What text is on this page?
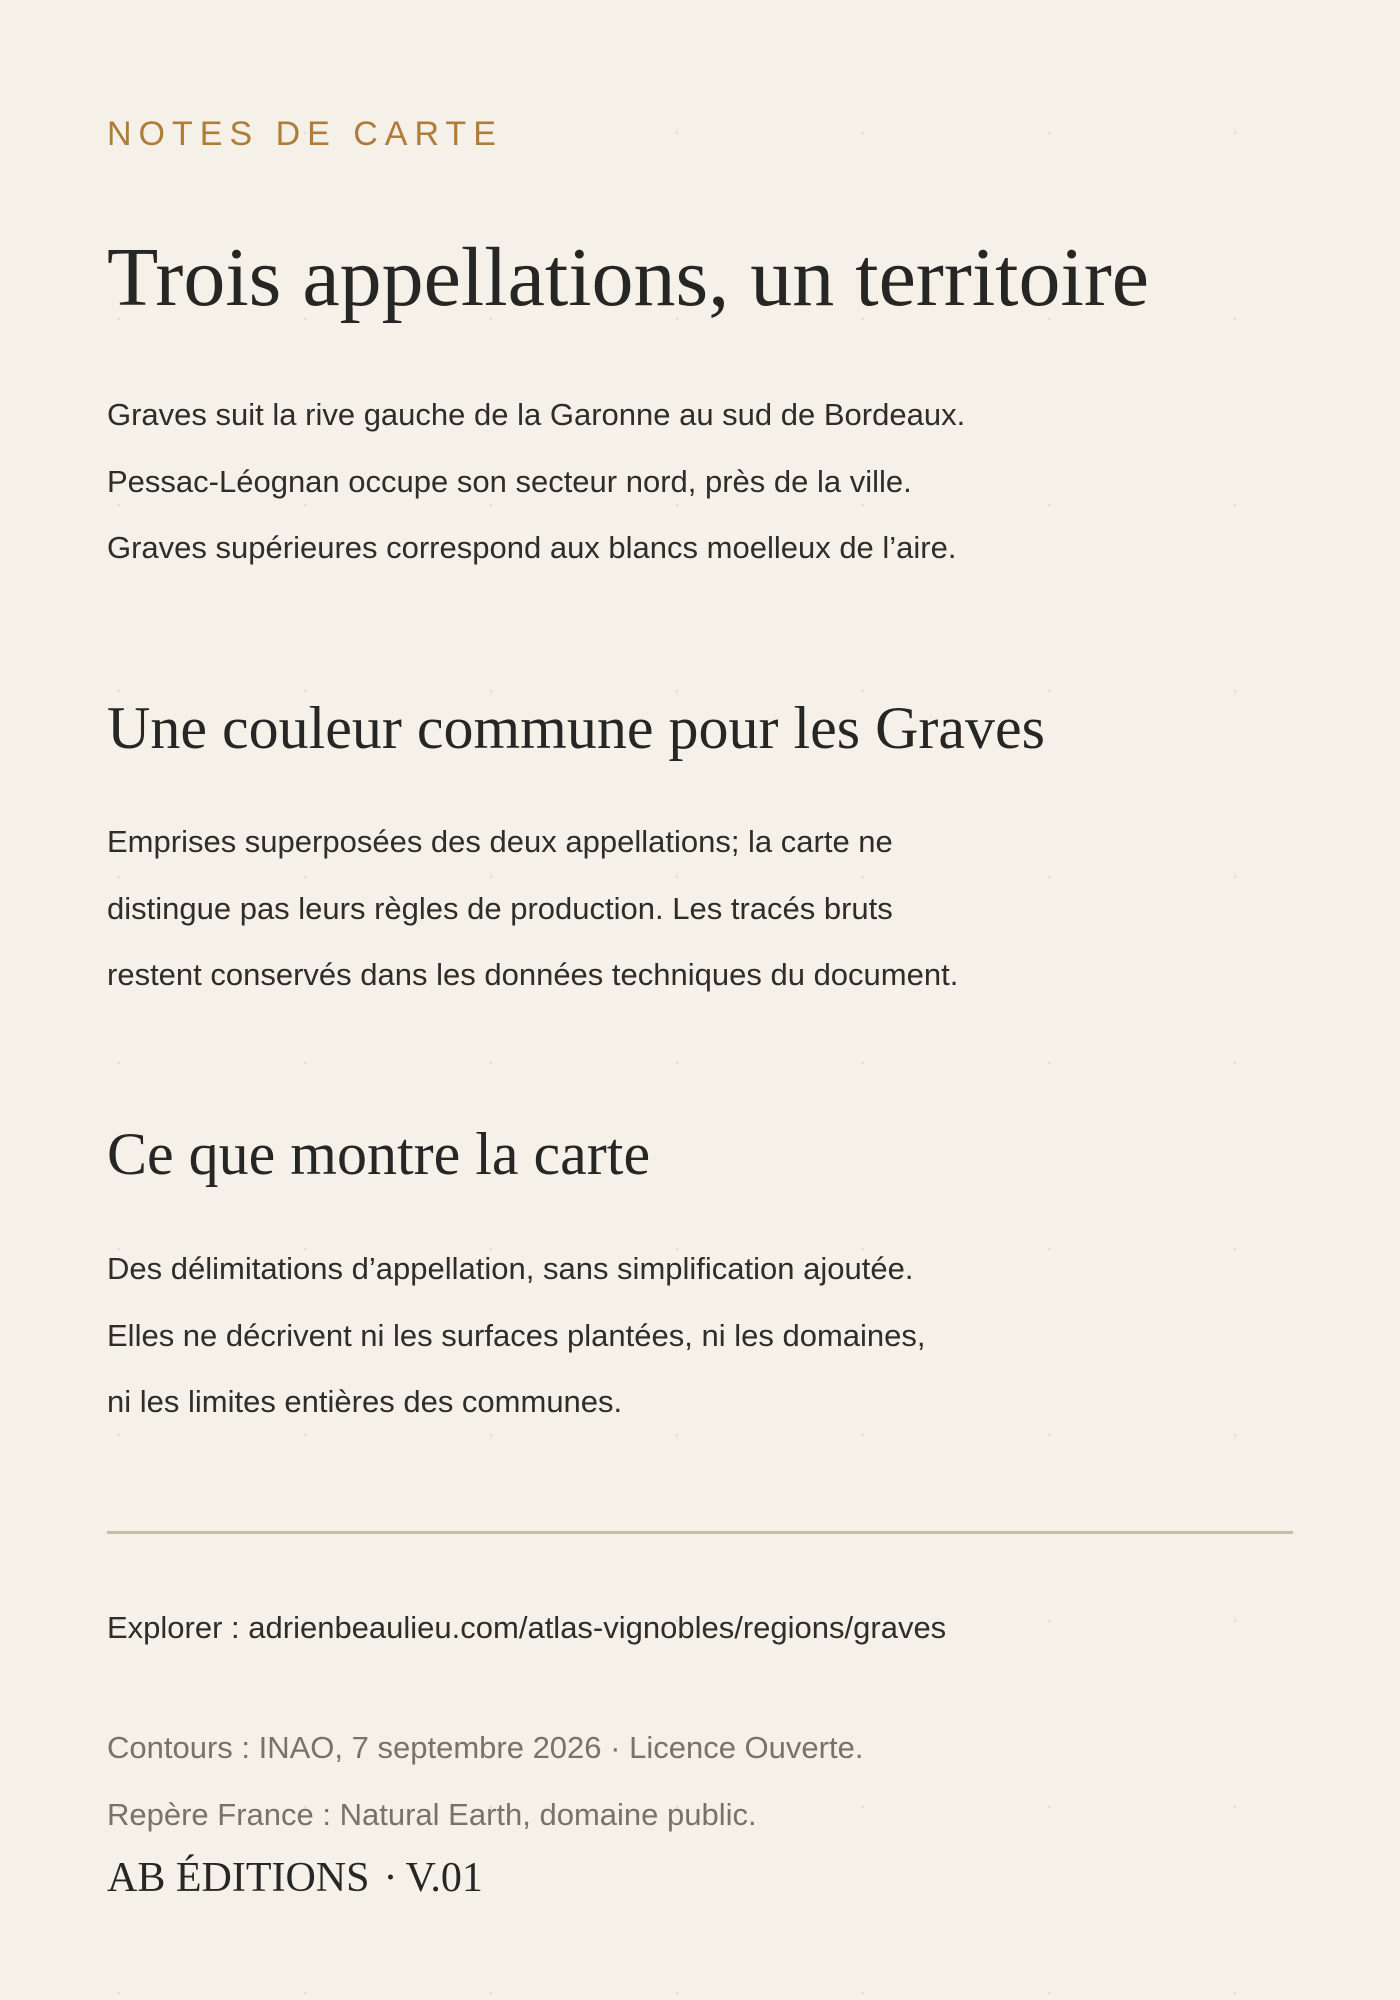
NOTES DE CARTE
Trois appellations, un territoire
Graves suit la rive gauche de la Garonne au sud de Bordeaux.
Pessac-Léognan occupe son secteur nord, près de la ville.
Graves supérieures correspond aux blancs moelleux de l’aire.
Une couleur commune pour les Graves
Emprises superposées des deux appellations; la carte ne
distingue pas leurs règles de production. Les tracés bruts
restent conservés dans les données techniques du document.
Ce que montre la carte
Des délimitations d’appellation, sans simplification ajoutée.
Elles ne décrivent ni les surfaces plantées, ni les domaines,
ni les limites entières des communes.
Explorer : adrienbeaulieu.com/atlas-vignobles/regions/graves
Contours : INAO, 7 septembre 2026 · Licence Ouverte.
Repère France : Natural Earth, domaine public.
AB ÉDITIONS · V.01
